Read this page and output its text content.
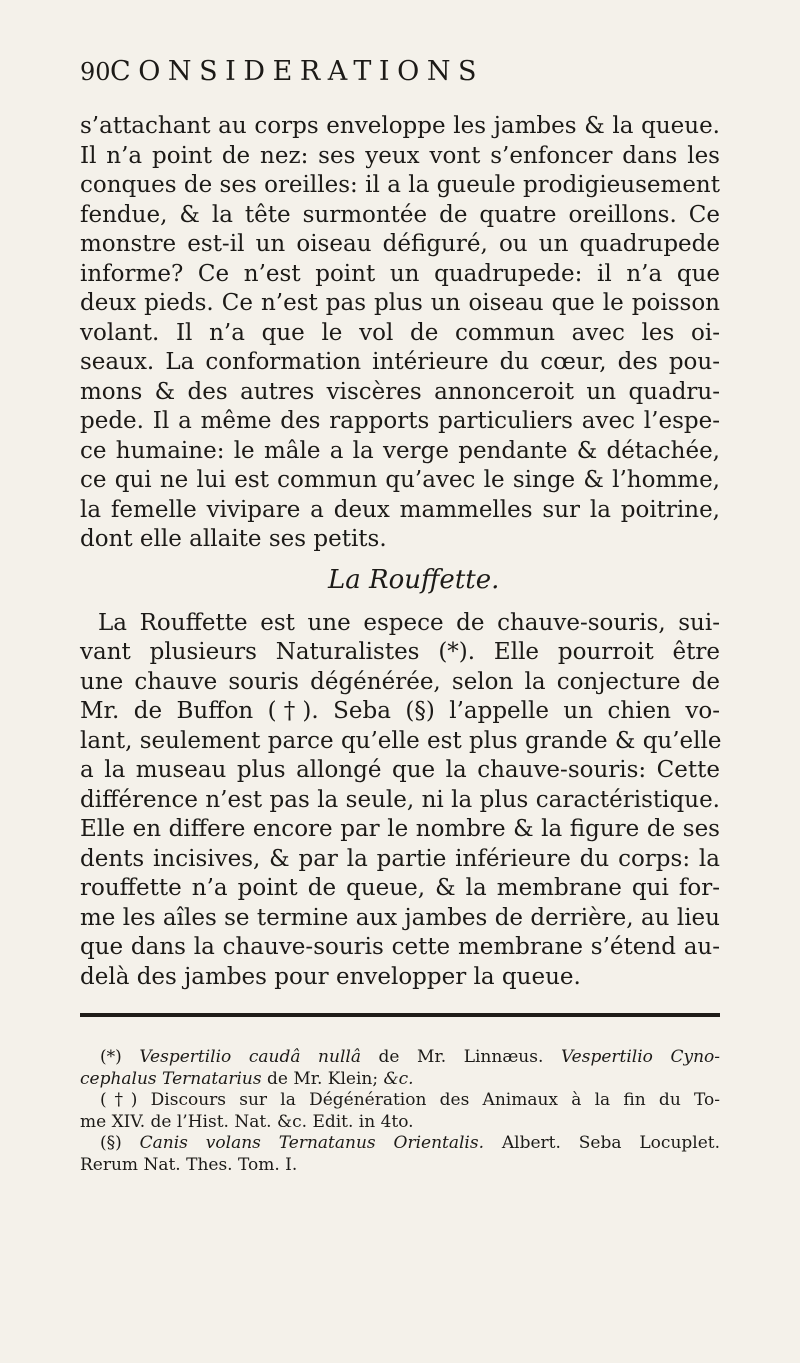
90 CONSIDERATIONS
s’attachant au corps enveloppe les jambes & la queue.
Il n’a point de nez: ses yeux vont s’enfoncer dans les
conques de ses oreilles: il a la gueule prodigieusement
fendue, & la tête surmontée de quatre oreillons. Ce
monstre est-il un oiseau défiguré, ou un quadrupede
informe? Ce n’est point un quadrupede: il n’a que
deux pieds. Ce n’est pas plus un oiseau que le poisson
volant. Il n’a que le vol de commun avec les oi-
seaux. La conformation intérieure du cœur, des pou-
mons & des autres viscères annonceroit un quadru-
pede. Il a même des rapports particuliers avec l’espe-
ce humaine: le mâle a la verge pendante & détachée,
ce qui ne lui est commun qu’avec le singe & l’homme,
la femelle vivipare a deux mammelles sur la poitrine,
dont elle allaite ses petits.
La Rouffette.
La Rouffette est une espece de chauve-souris, sui-
vant plusieurs Naturalistes (*). Elle pourroit être
une chauve souris dégénérée, selon la conjecture de
Mr. de Buffon (†). Seba (§) l’appelle un chien vo-
lant, seulement parce qu’elle est plus grande & qu’elle
a la museau plus allongé que la chauve-souris: Cette
différence n’est pas la seule, ni la plus caractéristique.
Elle en differe encore par le nombre & la figure de ses
dents incisives, & par la partie inférieure du corps: la
rouffette n’a point de queue, & la membrane qui for-
me les aîles se termine aux jambes de derrière, au lieu
que dans la chauve-souris cette membrane s’étend au-
delà des jambes pour envelopper la queue.
(*) Vespertilio caudâ nullâ de Mr. Linnæus. Vespertilio Cyno-
cephalus Ternatarius de Mr. Klein; &c.
(†) Discours sur la Dégénération des Animaux à la fin du To-
me XIV. de l’Hist. Nat. &c. Edit. in 4to.
(§) Canis volans Ternatanus Orientalis. Albert. Seba Locuplet.
Rerum Nat. Thes. Tom. I.
